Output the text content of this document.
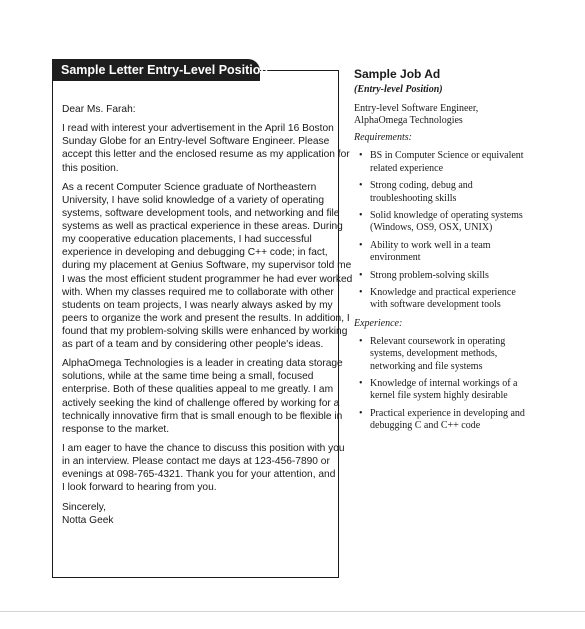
Sample Letter Entry-Level Position

Dear Ms. Farah:

I read with interest your advertisement in the April 16 Boston
Sunday Globe for an Entry-level Software Engineer. Please
accept this letter and the enclosed resume as my application for
this position.

As a recent Computer Science graduate of Northeastern
University, I have solid knowledge of a variety of operating
systems, software development tools, and networking and file
systems as well as practical experience in these areas. During
my cooperative education placements, I had successful
experience in developing and debugging C++ code; in fact,
during my placement at Genius Software, my supervisor told me
I was the most efficient student programmer he had ever worked
with. When my classes required me to collaborate with other
students on team projects, I was nearly always asked by my
peers to organize the work and present the results. In addition, I
found that my problem-solving skills were enhanced by working
as part of a team and by considering other people's ideas.

AlphaOmega Technologies is a leader in creating data storage
solutions, while at the same time being a small, focused
enterprise. Both of these qualities appeal to me greatly. I am
actively seeking the kind of challenge offered by working for a
technically innovative firm that is small enough to be flexible in
response to the market.

I am eager to have the chance to discuss this position with you
in an interview. Please contact me days at 123-456-7890 or
evenings at 098-765-4321. Thank you for your attention, and
I look forward to hearing from you.

Sincerely,

Notta Geek

Sample Job Ad
(Entry-level Position)
Entry-level Software Engineer,
AlphaOmega Technologies
Requirements:
• BS in Computer Science or equivalent
related experience
• Strong coding, debug and
troubleshooting skills
• Solid knowledge of operating systems
(Windows, OS9, OSX, UNIX)
• Ability to work well in a team
environment
• Strong problem-solving skills
• Knowledge and practical experience
with software development tools
Experience:
• Relevant coursework in operating
systems, development methods,
networking and file systems
• Knowledge of internal workings of a
kernel file system highly desirable
• Practical experience in developing and
debugging C and C++ code
